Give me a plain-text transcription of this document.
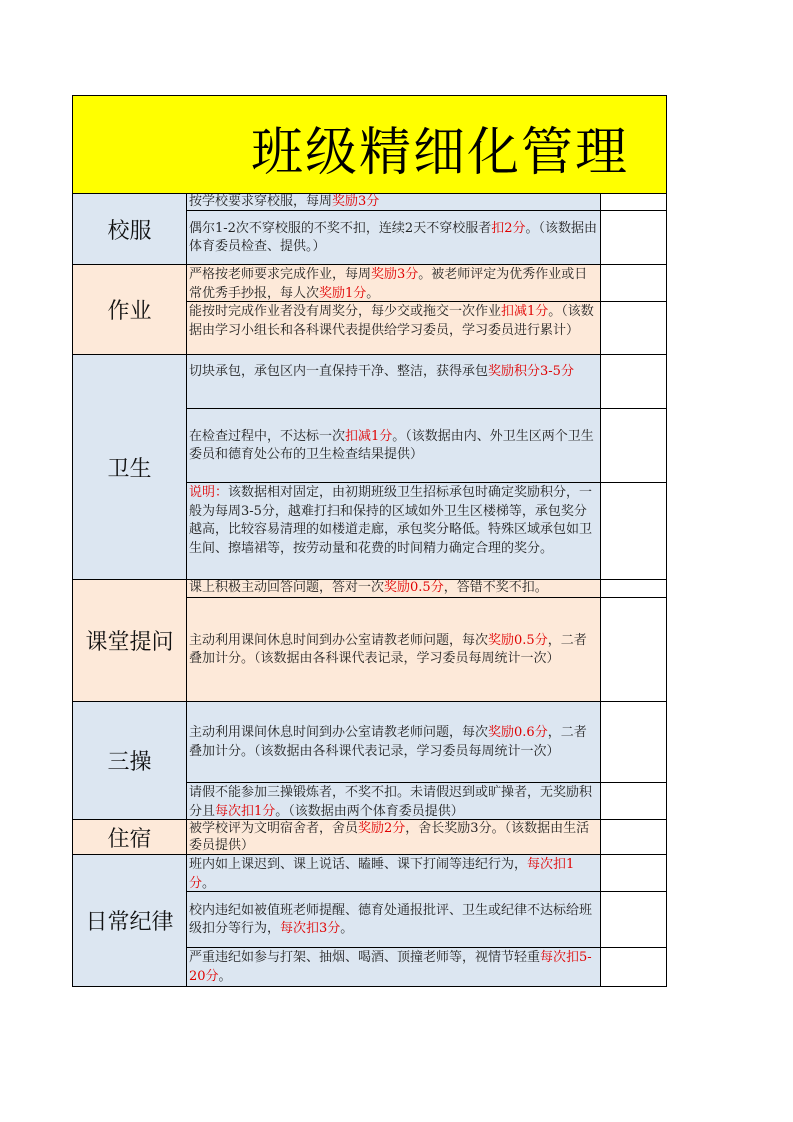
班级精细化管理
校服
按学校要求穿校服，每周奖励3分
偶尔1-2次不穿校服的不奖不扣，连续2天不穿校服者扣2分。（该数据由体育委员检查、提供。）
作业
严格按老师要求完成作业，每周奖励3分。被老师评定为优秀作业或日常优秀手抄报，每人次奖励1分。
能按时完成作业者没有周奖分，每少交或拖交一次作业扣减1分。（该数据由学习小组长和各科课代表提供给学习委员，学习委员进行累计）
卫生
切块承包，承包区内一直保持干净、整洁，获得承包奖励积分3-5分
在检查过程中，不达标一次扣减1分。（该数据由内、外卫生区两个卫生委员和德育处公布的卫生检查结果提供）
说明：该数据相对固定，由初期班级卫生招标承包时确定奖励积分，一般为每周3-5分，越难打扫和保持的区域如外卫生区楼梯等，承包奖分越高，比较容易清理的如楼道走廊，承包奖分略低。特殊区域承包如卫生间、擦墙裙等，按劳动量和花费的时间精力确定合理的奖分。
课堂提问
课上积极主动回答问题，答对一次奖励0.5分，答错不奖不扣。
主动利用课间休息时间到办公室请教老师问题，每次奖励0.5分，二者叠加计分。（该数据由各科课代表记录，学习委员每周统计一次）
三操
主动利用课间休息时间到办公室请教老师问题，每次奖励0.6分，二者叠加计分。（该数据由各科课代表记录，学习委员每周统计一次）
请假不能参加三操锻炼者，不奖不扣。未请假迟到或旷操者，无奖励积分且每次扣1分。（该数据由两个体育委员提供）
住宿	被学校评为文明宿舍者，舍员奖励2分，舍长奖励3分。（该数据由生活委员提供）
日常纪律
班内如上课迟到、课上说话、瞌睡、课下打闹等违纪行为，每次扣1分。
校内违纪如被值班老师提醒、德育处通报批评、卫生或纪律不达标给班级扣分等行为，每次扣3分。
严重违纪如参与打架、抽烟、喝酒、顶撞老师等，视情节轻重每次扣5-20分。
